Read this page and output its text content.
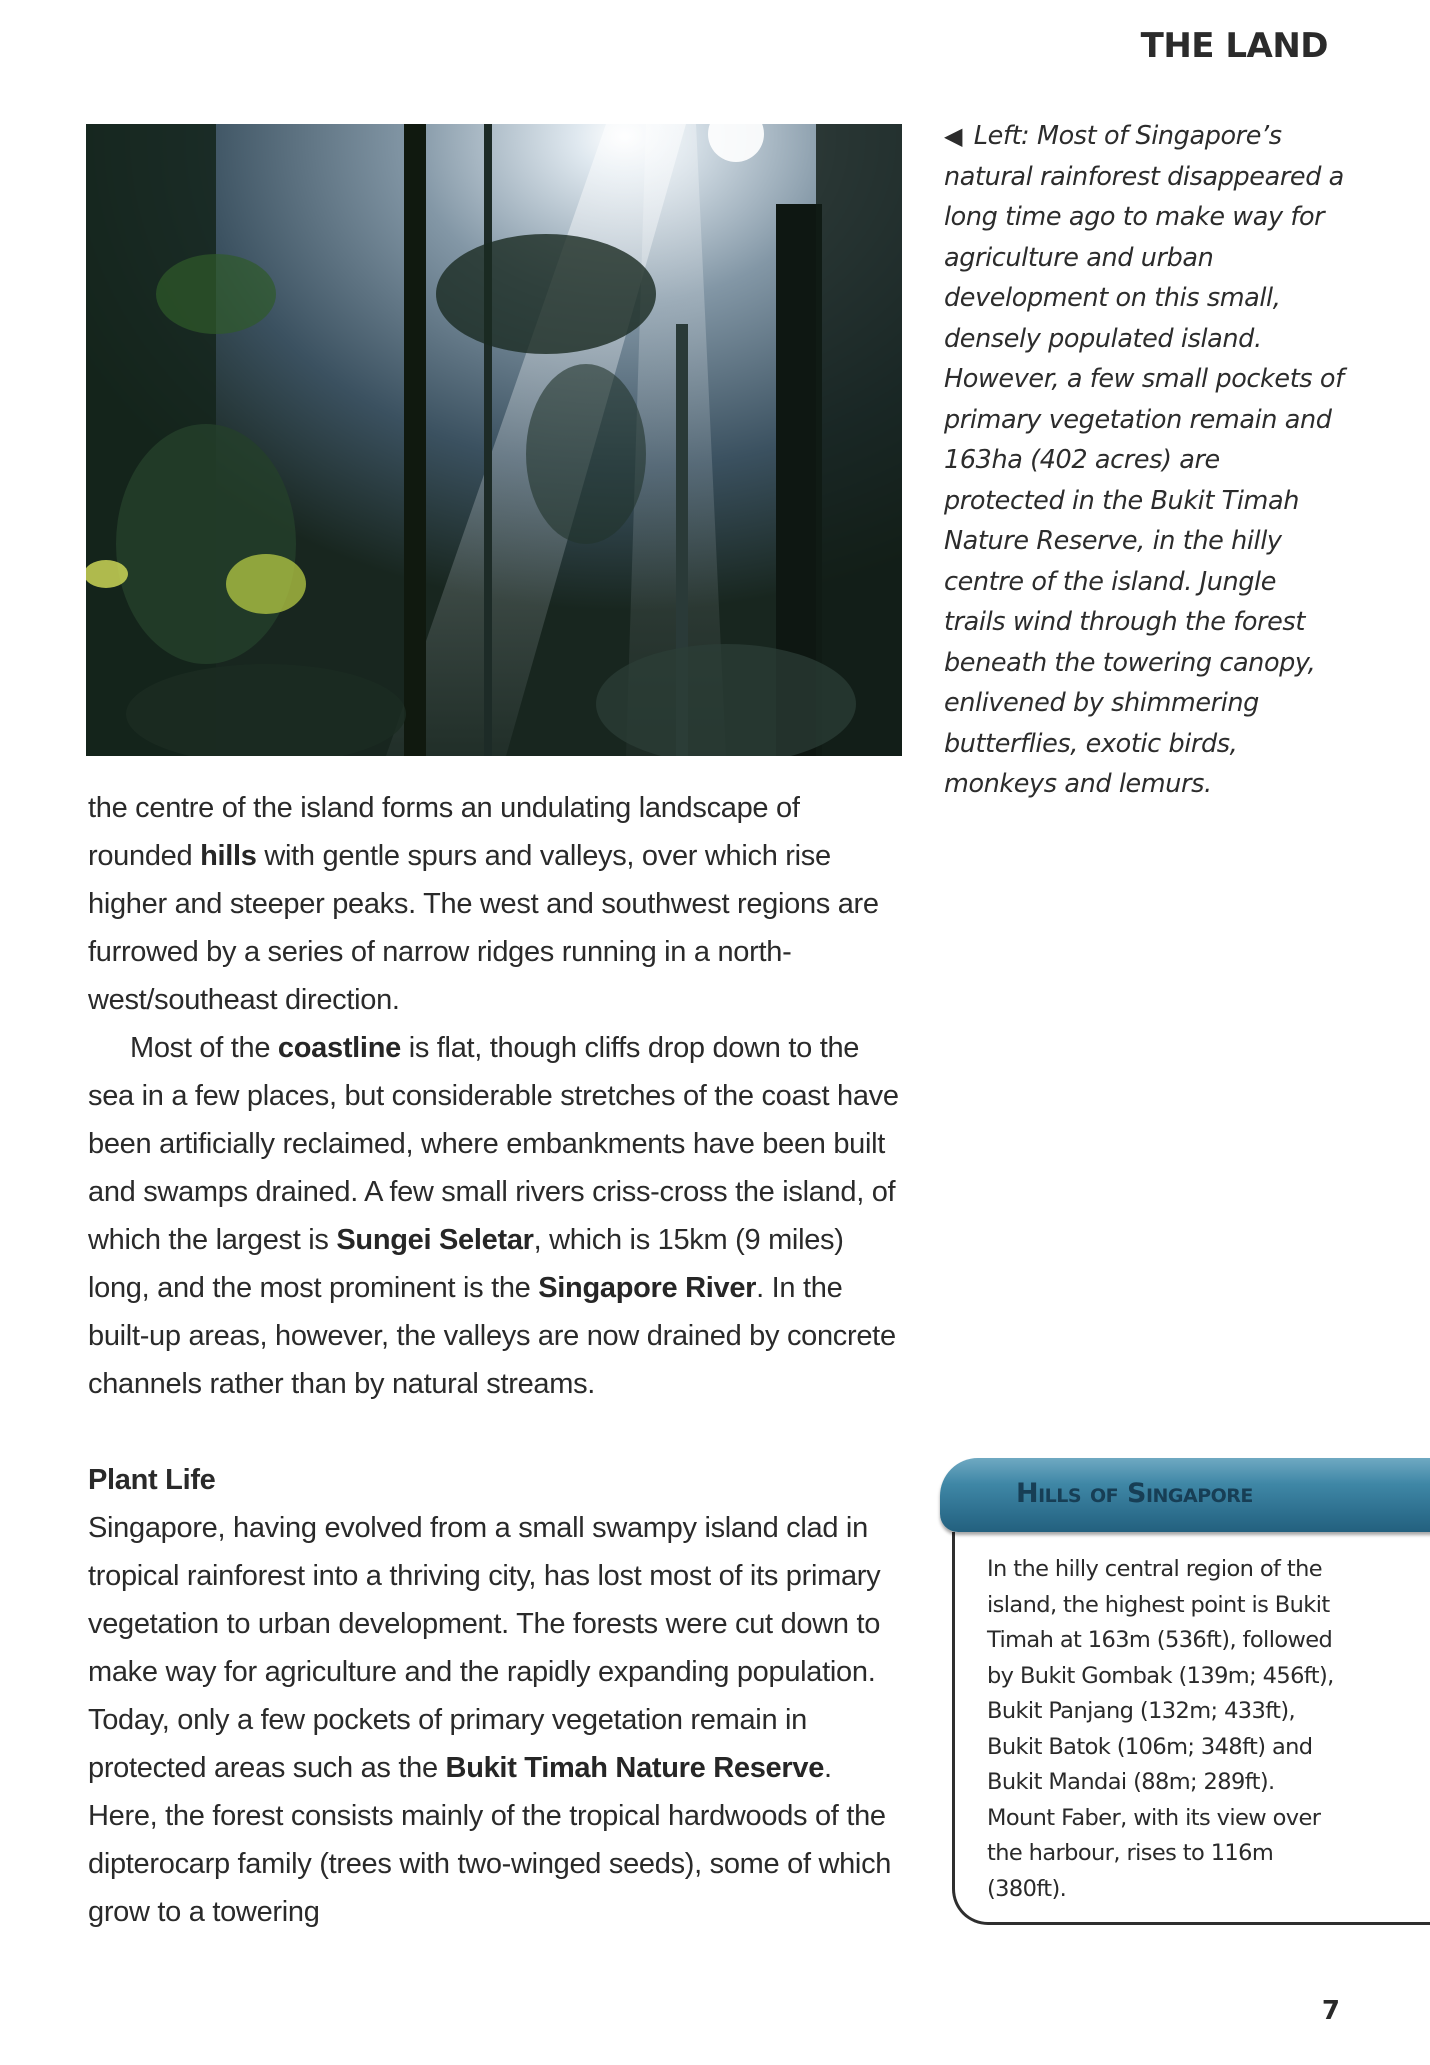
THE LAND
◀ Left: Most of Singapore’s natural rainforest disappeared a long time ago to make way for agriculture and urban development on this small, densely populated island. However, a few small pockets of primary vegetation remain and 163ha (402 acres) are protected in the Bukit Timah Nature Reserve, in the hilly centre of the island. Jungle trails wind through the forest beneath the towering canopy, enlivened by shimmering butterflies, exotic birds, monkeys and lemurs.

the centre of the island forms an undulating landscape of rounded hills with gentle spurs and valleys, over which rise higher and steeper peaks. The west and southwest regions are furrowed by a series of narrow ridges running in a north-west/southeast direction.

Most of the coastline is flat, though cliffs drop down to the sea in a few places, but considerable stretches of the coast have been artificially reclaimed, where embankments have been built and swamps drained. A few small rivers criss-cross the island, of which the largest is Sungei Seletar, which is 15km (9 miles) long, and the most prominent is the Singapore River. In the built-up areas, however, the valleys are now drained by concrete channels rather than by natural streams.

Plant Life

Singapore, having evolved from a small swampy island clad in tropical rainforest into a thriving city, has lost most of its primary vegetation to urban development. The forests were cut down to make way for agriculture and the rapidly expanding population. Today, only a few pockets of primary vegetation remain in protected areas such as the Bukit Timah Nature Reserve. Here, the forest consists mainly of the tropical hardwoods of the dipterocarp family (trees with two-winged seeds), some of which grow to a towering

In the hilly central region of the island, the highest point is Bukit Timah at 163m (536ft), followed by Bukit Gombak (139m; 456ft), Bukit Panjang (132m; 433ft), Bukit Batok (106m; 348ft) and Bukit Mandai (88m; 289ft). Mount Faber, with its view over the harbour, rises to 116m (380ft).
Hills of Singapore
7
